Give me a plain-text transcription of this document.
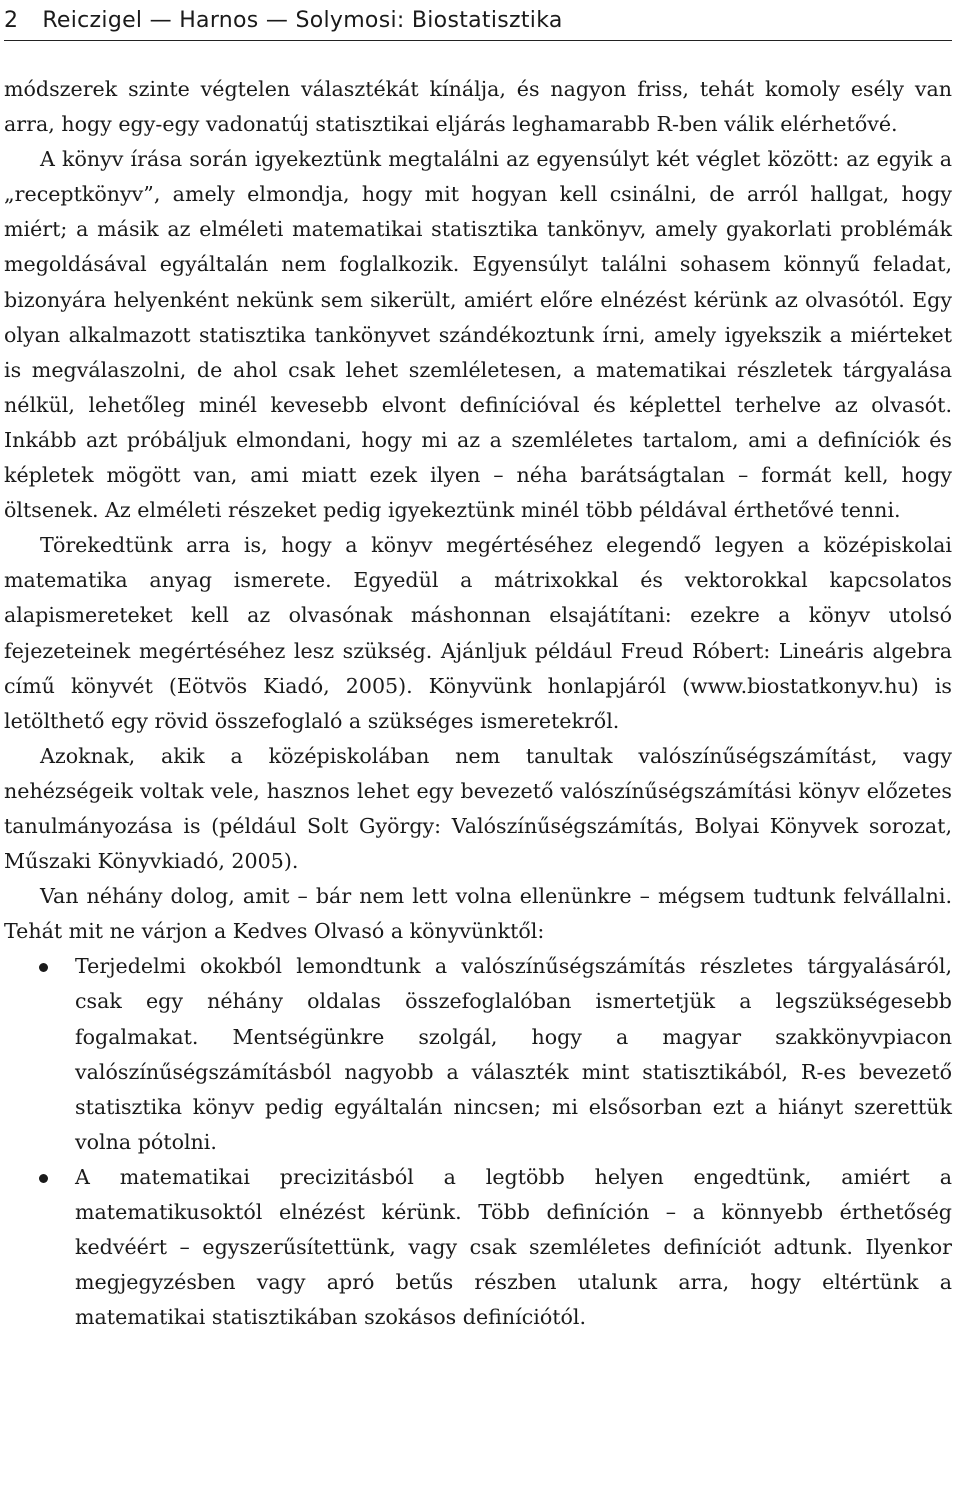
2 Reiczigel — Harnos — Solymosi: Biostatisztika

módszerek szinte végtelen választékát kínálja, és nagyon friss, tehát komoly esély van arra, hogy egy-egy vadonatúj statisztikai eljárás leghamarabb R-ben válik elérhetővé.

A könyv írása során igyekeztünk megtalálni az egyensúlyt két véglet között: az egyik a „receptkönyv”, amely elmondja, hogy mit hogyan kell csinálni, de arról hallgat, hogy miért; a másik az elméleti matematikai statisztika tankönyv, amely gyakorlati problémák megoldásával egyáltalán nem foglalkozik. Egyensúlyt találni sohasem könnyű feladat, bizonyára helyenként nekünk sem sikerült, amiért előre elnézést kérünk az olvasótól. Egy olyan alkalmazott statisztika tankönyvet szándékoztunk írni, amely igyekszik a miérteket is megválaszolni, de ahol csak lehet szemléletesen, a matematikai részletek tárgyalása nélkül, lehetőleg minél kevesebb elvont definícióval és képlettel terhelve az olvasót. Inkább azt próbáljuk elmondani, hogy mi az a szemléletes tartalom, ami a definíciók és képletek mögött van, ami miatt ezek ilyen – néha barátságtalan – formát kell, hogy öltsenek. Az elméleti részeket pedig igyekeztünk minél több példával érthetővé tenni.

Törekedtünk arra is, hogy a könyv megértéséhez elegendő legyen a középiskolai matematika anyag ismerete. Egyedül a mátrixokkal és vektorokkal kapcsolatos alapismereteket kell az olvasónak máshonnan elsajátítani: ezekre a könyv utolsó fejezeteinek megértéséhez lesz szükség. Ajánljuk például Freud Róbert: Lineáris algebra című könyvét (Eötvös Kiadó, 2005). Könyvünk honlapjáról (www.biostatkonyv.hu) is letölthető egy rövid összefoglaló a szükséges ismeretekről.

Azoknak, akik a középiskolában nem tanultak valószínűségszámítást, vagy nehézségeik voltak vele, hasznos lehet egy bevezető valószínűségszámítási könyv előzetes tanulmányozása is (például Solt György: Valószínűségszámítás, Bolyai Könyvek sorozat, Műszaki Könyvkiadó, 2005).

Van néhány dolog, amit – bár nem lett volna ellenünkre – mégsem tudtunk felvállalni. Tehát mit ne várjon a Kedves Olvasó a könyvünktől:

Terjedelmi okokból lemondtunk a valószínűségszámítás részletes tárgyalásáról, csak egy néhány oldalas összefoglalóban ismertetjük a legszükségesebb fogalmakat. Mentségünkre szolgál, hogy a magyar szakkönyvpiacon valószínűségszámításból nagyobb a választék mint statisztikából, R-es bevezető statisztika könyv pedig egyáltalán nincsen; mi elsősorban ezt a hiányt szerettük volna pótolni.
A matematikai precizitásból a legtöbb helyen engedtünk, amiért a matematikusoktól elnézést kérünk. Több definíción – a könnyebb érthetőség kedvéért – egyszerűsítettünk, vagy csak szemléletes definíciót adtunk. Ilyenkor megjegyzésben vagy apró betűs részben utalunk arra, hogy eltértünk a matematikai statisztikában szokásos definíciótól.
